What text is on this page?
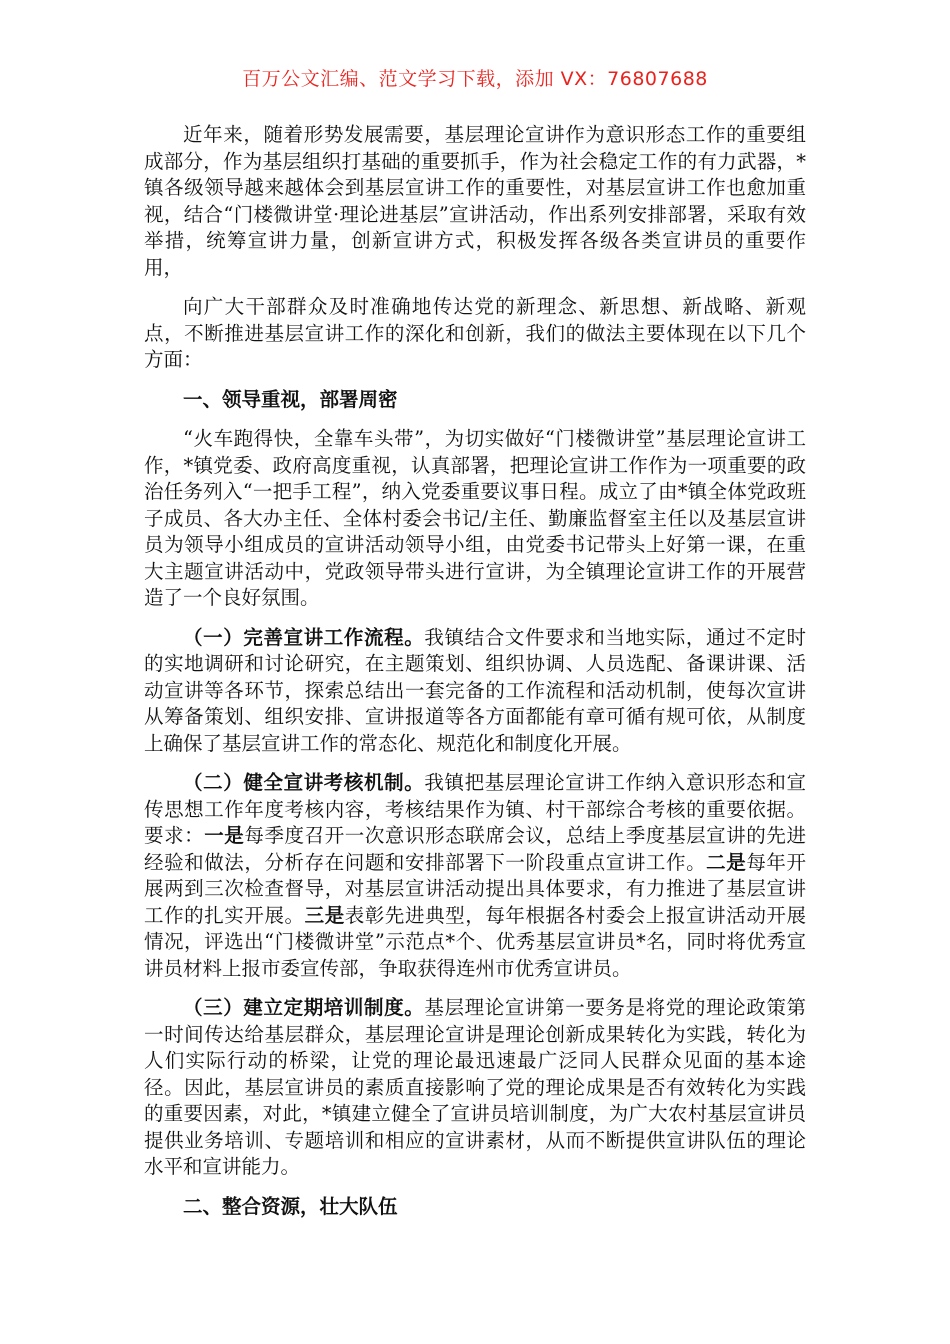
百万公文汇编、范文学习下载，添加 VX：76807688

近年来，随着形势发展需要，基层理论宣讲作为意识形态工作的重要组成部分，作为基层组织打基础的重要抓手，作为社会稳定工作的有力武器，*镇各级领导越来越体会到基层宣讲工作的重要性，对基层宣讲工作也愈加重视，结合“门楼微讲堂·理论进基层”宣讲活动，作出系列安排部署，采取有效举措，统筹宣讲力量，创新宣讲方式，积极发挥各级各类宣讲员的重要作用，

向广大干部群众及时准确地传达党的新理念、新思想、新战略、新观点，不断推进基层宣讲工作的深化和创新，我们的做法主要体现在以下几个方面：

一、领导重视，部署周密

“火车跑得快，全靠车头带”，为切实做好“门楼微讲堂”基层理论宣讲工作，*镇党委、政府高度重视，认真部署，把理论宣讲工作作为一项重要的政治任务列入“一把手工程”，纳入党委重要议事日程。成立了由*镇全体党政班子成员、各大办主任、全体村委会书记/主任、勤廉监督室主任以及基层宣讲员为领导小组成员的宣讲活动领导小组，由党委书记带头上好第一课，在重大主题宣讲活动中，党政领导带头进行宣讲，为全镇理论宣讲工作的开展营造了一个良好氛围。

（一）完善宣讲工作流程。我镇结合文件要求和当地实际，通过不定时的实地调研和讨论研究，在主题策划、组织协调、人员选配、备课讲课、活动宣讲等各环节，探索总结出一套完备的工作流程和活动机制，使每次宣讲从筹备策划、组织安排、宣讲报道等各方面都能有章可循有规可依，从制度上确保了基层宣讲工作的常态化、规范化和制度化开展。

（二）健全宣讲考核机制。我镇把基层理论宣讲工作纳入意识形态和宣传思想工作年度考核内容，考核结果作为镇、村干部综合考核的重要依据。要求：一是每季度召开一次意识形态联席会议，总结上季度基层宣讲的先进经验和做法，分析存在问题和安排部署下一阶段重点宣讲工作。二是每年开展两到三次检查督导，对基层宣讲活动提出具体要求，有力推进了基层宣讲工作的扎实开展。三是表彰先进典型，每年根据各村委会上报宣讲活动开展情况，评选出“门楼微讲堂”示范点*个、优秀基层宣讲员*名，同时将优秀宣讲员材料上报市委宣传部，争取获得连州市优秀宣讲员。

（三）建立定期培训制度。基层理论宣讲第一要务是将党的理论政策第一时间传达给基层群众，基层理论宣讲是理论创新成果转化为实践，转化为人们实际行动的桥梁，让党的理论最迅速最广泛同人民群众见面的基本途径。因此，基层宣讲员的素质直接影响了党的理论成果是否有效转化为实践的重要因素，对此，*镇建立健全了宣讲员培训制度，为广大农村基层宣讲员提供业务培训、专题培训和相应的宣讲素材，从而不断提供宣讲队伍的理论水平和宣讲能力。

二、整合资源，壮大队伍
